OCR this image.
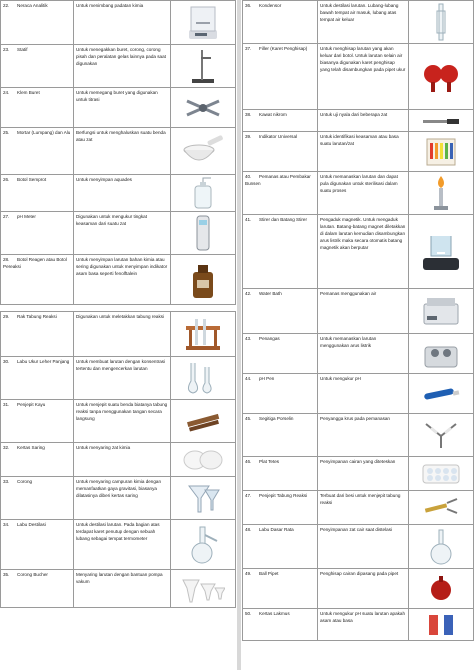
22. Neraca Analitik	Untuk menimbang padatan kimia	

23. Statif	Untuk menegakkan buret, corong, corong pisah dan peralatan gelas lainnya pada saat digunakan	

24. Klem Buret	Untuk memegang buret yang digunakan untuk titrasi	

25. Mortar (Lumpang) dan Alu	Berfungsi untuk menghaluskan suatu benda atau zat	

26. Botol Semprot	Untuk menyimpan aquades	

27. pH Meter	Digunakan untuk mengukur tingkat keasaman dari suatu zat	

28. Botol Reagen atau Botol Pereaksi	Untuk menyimpan larutan bahan kimia atau sering digunakan untuk menyimpan indikator asam basa seperti fenolftalein	

29. Rak Tabung Reaksi	Digunakan untuk meletakkan tabung reaksi	

30. Labu Ukur Leher Panjang	Untuk membuat larutan dengan konsentrasi tertentu dan mengencerkan larutan	

31. Penjepit Kayu	Untuk menjepit suatu benda biatanya tabung reaksi tanpa menggunakan tangan secara langsung	

32. Kertas Saring	Untuk menyaring zat kimia	

33. Corong	Untuk menyaring campuran kimia dengan memanfaatkan gaya gravitasi, biasanya dilatasinya diberi kertas saring	

34. Labu Destilasi	Untuk destilasi larutan. Pada bagian atas terdapat karet penutup dengan sebuah lubang sebagai tempat termometer	

35. Corong Bucher	Menyaring larutan dengan bantuan pompa vakum	
36. Kondensor	Untuk destilasi larutan. Lubang-lubang bawah tempat air masuk, lubang atas tempat air keluar	

37. Filler (Karet Penghisap)	Untuk menghisap larutan yang akan keluar dari botol. Untuk larutan selain air biasanya digunakan karet penghisap yang telah disambungkan pada pipet ukur	

38. Kawat nikrom	Untuk uji nyala dari beberapa zat	

39. Indikator Universal	Untuk identifikasi keasaman atau basa suatu larutan/zat	

40. Pemanas atau Pembakar Bunsen	Untuk memanaskan larutan dan dapat pula digunakan untuk sterilisasi dalam suatu proses	

41. Stirer dan Batang Stirer	Pengaduk magnetik. Untuk mengaduk larutan. Batang-batang magnet diletakkan di dalam larutan kemudian disambungkan arus listrik maka secara otomatis batang magnetik akan berputar	

42. Water Bath	Pemanas menggunakan air	

43. Penangas	Untuk memanaskan larutan menggunakan arus listrik	

44. pH Pen	Untuk mengukur pH	

45. Segitiga Porselin	Penyangga krus pada pemanasan	

46. Plat Tetes	Penyimpanan cairan yang diteteskan	

47. Penjepit Tabung Reaksi	Terbuat dari besi untuk menjepit tabung reaksi	

48. Labu Dasar Rata	Penyimpanan zat cair saat distelasi	

49. Ball Pipet	Penghisap cairan dipasang pada pipet	

50. Kertas Lakmus	Untuk mengukur pH suatu larutan apakah asam atau basa	
